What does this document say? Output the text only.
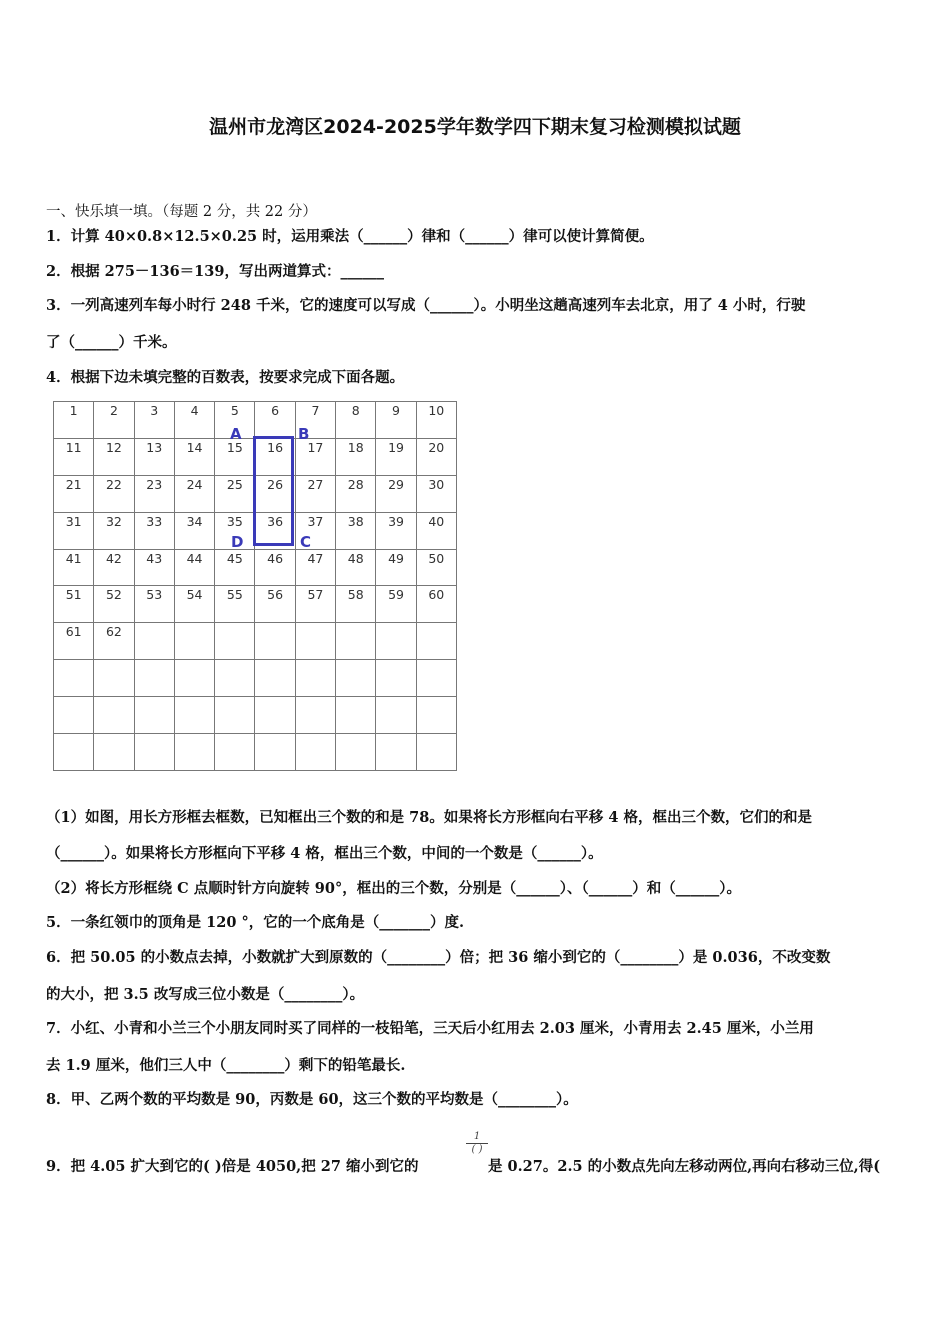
温州市龙湾区2024-2025学年数学四下期末复习检测模拟试题
一、快乐填一填。（每题 2 分，共 22 分）
1．计算 40×0.8×12.5×0.25 时，运用乘法（______）律和（______）律可以使计算简便。
2．根据 275－136＝139，写出两道算式：______
3．一列高速列车每小时行 248 千米，它的速度可以写成（______）。小明坐这趟高速列车去北京，用了 4 小时，行驶
了（______）千米。
4．根据下边未填完整的百数表，按要求完成下面各题。
1	2	3	4	5	6	7	8	9	10
11	12	13	14	15	16	17	18	19	20
21	22	23	24	25	26	27	28	29	30
31	32	33	34	35	36	37	38	39	40
41	42	43	44	45	46	47	48	49	50
51	52	53	54	55	56	57	58	59	60
61	62								

A	B
C
D
（1）如图，用长方形框去框数，已知框出三个数的和是 78。如果将长方形框向右平移 4 格，框出三个数，它们的和是
（______）。如果将长方形框向下平移 4 格，框出三个数，中间的一个数是（______）。
（2）将长方形框绕 C 点顺时针方向旋转 90°，框出的三个数，分别是（______）、（______）和（______）。
5．一条红领巾的顶角是 120 °，它的一个底角是（_______）度.
6．把 50.05 的小数点去掉，小数就扩大到原数的（________）倍；把 36 缩小到它的（________）是 0.036，不改变数
的大小，把 3.5 改写成三位小数是（________）。
7．小红、小青和小兰三个小朋友同时买了同样的一枝铅笔，三天后小红用去 2.03 厘米，小青用去 2.45 厘米，小兰用
去 1.9 厘米，他们三人中（________）剩下的铅笔最长.
8．甲、乙两个数的平均数是 90，丙数是 60，这三个数的平均数是（________）。
9．把 4.05 扩大到它的( )倍是 4050,把 27 缩小到它的
1
( )
是 0.27。2.5 的小数点先向左移动两位,再向右移动三位,得(
